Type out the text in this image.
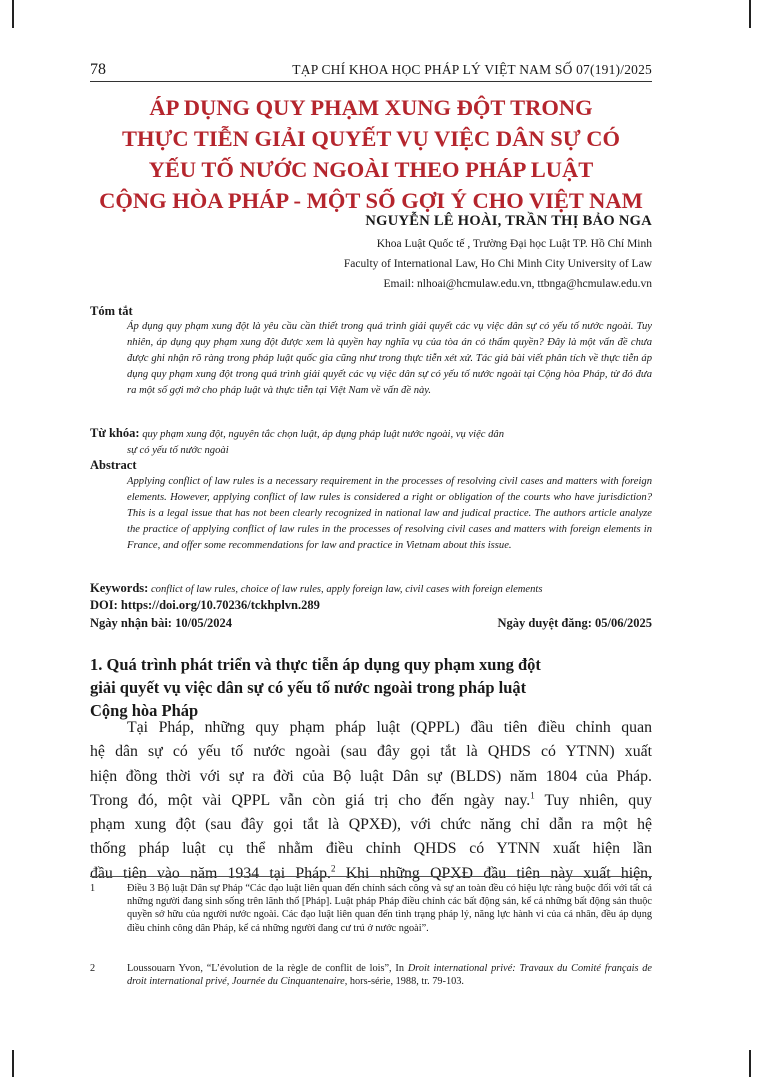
78	TẠP CHÍ KHOA HỌC PHÁP LÝ VIỆT NAM SỐ 07(191)/2025
ÁP DỤNG QUY PHẠM XUNG ĐỘT TRONG
THỰC TIỄN GIẢI QUYẾT VỤ VIỆC DÂN SỰ CÓ
YẾU TỐ NƯỚC NGOÀI THEO PHÁP LUẬT
CỘNG HÒA PHÁP - MỘT SỐ GỢI Ý CHO VIỆT NAM
NGUYỄN LÊ HOÀI, TRẦN THỊ BẢO NGA
Khoa Luật Quốc tế , Trường Đại học Luật TP. Hồ Chí Minh
Faculty of International Law, Ho Chi Minh City University of Law
Email: nlhoai@hcmulaw.edu.vn, ttbnga@hcmulaw.edu.vn
Tóm tắt
Áp dụng quy phạm xung đột là yêu cầu cần thiết trong quá trình giải quyết các vụ việc dân sự có yếu tố nước ngoài. Tuy nhiên, áp dụng quy phạm xung đột được xem là quyền hay nghĩa vụ của tòa án có thẩm quyền? Đây là một vấn đề chưa được ghi nhận rõ ràng trong pháp luật quốc gia cũng như trong thực tiễn xét xử. Tác giả bài viết phân tích về thực tiễn áp dụng quy phạm xung đột trong quá trình giải quyết các vụ việc dân sự có yếu tố nước ngoài tại Cộng hòa Pháp, từ đó đưa ra một số gợi mở cho pháp luật và thực tiễn tại Việt Nam về vấn đề này.
Từ khóa: quy phạm xung đột, nguyên tắc chọn luật, áp dụng pháp luật nước ngoài, vụ việc dân
sự có yếu tố nước ngoài
Abstract
Applying conflict of law rules is a necessary requirement in the processes of resolving civil cases and matters with foreign elements. However, applying conflict of law rules is considered a right or obligation of the courts who have jurisdiction? This is a legal issue that has not been clearly recognized in national law and judical practice. The authors article analyze the practice of applying conflict of law rules in the processes of resolving civil cases and matters with foreign elements in France, and offer some recommendations for law and practice in Vietnam about this issue.
Keywords: conflict of law rules, choice of law rules, apply foreign law, civil cases with foreign elements
DOI: https://doi.org/10.70236/tckhplvn.289
Ngày nhận bài: 10/05/2024	Ngày duyệt đăng: 05/06/2025
1. Quá trình phát triển và thực tiễn áp dụng quy phạm xung đột
giải quyết vụ việc dân sự có yếu tố nước ngoài trong pháp luật
Cộng hòa Pháp
Tại Pháp, những quy phạm pháp luật (QPPL) đầu tiên điều chỉnh quan
hệ dân sự có yếu tố nước ngoài (sau đây gọi tắt là QHDS có YTNN) xuất
hiện đồng thời với sự ra đời của Bộ luật Dân sự (BLDS) năm 1804 của Pháp.
Trong đó, một vài QPPL vẫn còn giá trị cho đến ngày nay.$^1$ Tuy nhiên, quy
phạm xung đột (sau đây gọi tắt là QPXĐ), với chức năng chỉ dẫn ra một hệ
thống pháp luật cụ thể nhằm điều chỉnh QHDS có YTNN xuất hiện lần
đầu tiên vào năm 1934 tại Pháp.$^2$ Khi những QPXĐ đầu tiên này xuất hiện,
1	Điều 3 Bộ luật Dân sự Pháp “Các đạo luật liên quan đến chính sách công và sự an toàn đều có hiệu lực ràng buộc đối với tất cả những người đang sinh sống trên lãnh thổ [Pháp]. Luật pháp Pháp điều chỉnh các bất động sản, kể cả những bất động sản thuộc quyền sở hữu của người nước ngoài. Các đạo luật liên quan đến tình trạng pháp lý, năng lực hành vi của cá nhân, đều áp dụng điều chỉnh công dân Pháp, kể cả những người đang cư trú ở nước ngoài”.
2	Loussouarn Yvon, “L’évolution de la règle de conflit de lois”, In Droit international privé: Travaux du Comité français de droit international privé, Journée du Cinquantenaire, hors-série, 1988, tr. 79-103.
